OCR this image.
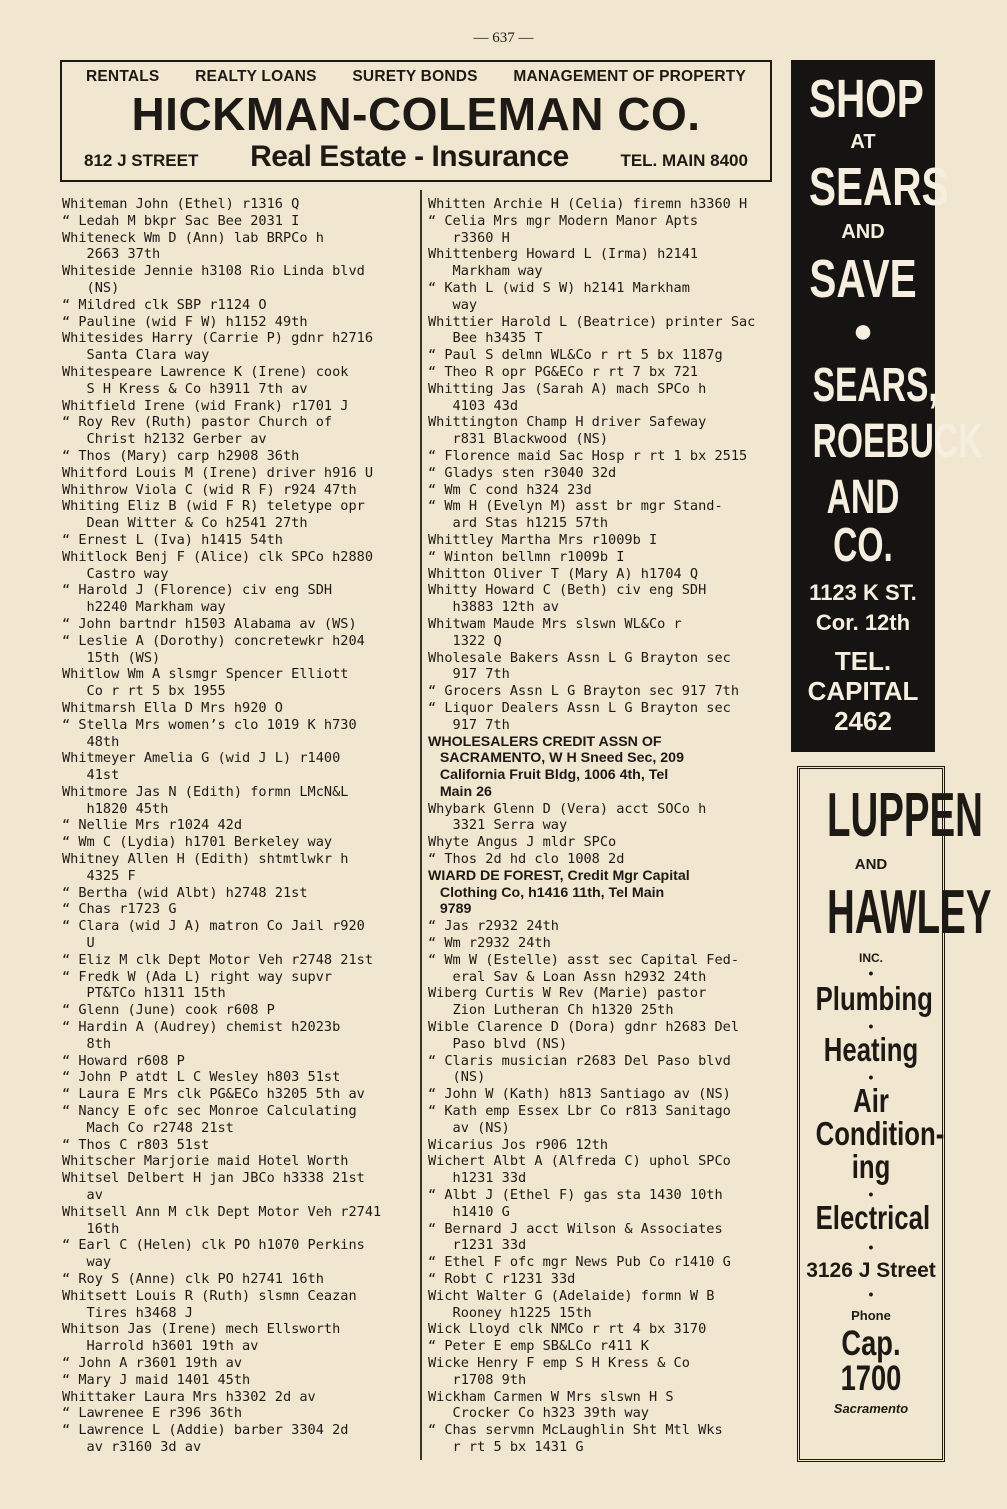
— 637 —
RENTALS REALTY LOANS SURETY BONDS MANAGEMENT OF PROPERTY
HICKMAN-COLEMAN CO.
812 J STREET Real Estate - Insurance	TEL. MAIN 8400
Whiteman John (Ethel) r1316 Q
“ Ledah M bkpr Sac Bee 2031 I
Whiteneck Wm D (Ann) lab BRPCo h
2663 37th
Whiteside Jennie h3108 Rio Linda blvd
(NS)
“ Mildred clk SBP r1124 O
“ Pauline (wid F W) h1152 49th
Whitesides Harry (Carrie P) gdnr h2716
Santa Clara way
Whitespeare Lawrence K (Irene) cook
S H Kress & Co h3911 7th av
Whitfield Irene (wid Frank) r1701 J
“ Roy Rev (Ruth) pastor Church of
Christ h2132 Gerber av
“ Thos (Mary) carp h2908 36th
Whitford Louis M (Irene) driver h916 U
Whithrow Viola C (wid R F) r924 47th
Whiting Eliz B (wid F R) teletype opr
Dean Witter & Co h2541 27th
“ Ernest L (Iva) h1415 54th
Whitlock Benj F (Alice) clk SPCo h2880
Castro way
“ Harold J (Florence) civ eng SDH
h2240 Markham way
“ John bartndr h1503 Alabama av (WS)
“ Leslie A (Dorothy) concretewkr h204
15th (WS)
Whitlow Wm A slsmgr Spencer Elliott
Co r rt 5 bx 1955
Whitmarsh Ella D Mrs h920 O
“ Stella Mrs women’s clo 1019 K h730
48th
Whitmeyer Amelia G (wid J L) r1400
41st
Whitmore Jas N (Edith) formn LMcN&L
h1820 45th
“ Nellie Mrs r1024 42d
“ Wm C (Lydia) h1701 Berkeley way
Whitney Allen H (Edith) shtmtlwkr h
4325 F
“ Bertha (wid Albt) h2748 21st
“ Chas r1723 G
“ Clara (wid J A) matron Co Jail r920
U
“ Eliz M clk Dept Motor Veh r2748 21st
“ Fredk W (Ada L) right way supvr
PT&TCo h1311 15th
“ Glenn (June) cook r608 P
“ Hardin A (Audrey) chemist h2023b
8th
“ Howard r608 P
“ John P atdt L C Wesley h803 51st
“ Laura E Mrs clk PG&ECo h3205 5th av
“ Nancy E ofc sec Monroe Calculating
Mach Co r2748 21st
“ Thos C r803 51st
Whitscher Marjorie maid Hotel Worth
Whitsel Delbert H jan JBCo h3338 21st
av
Whitsell Ann M clk Dept Motor Veh r2741
16th
“ Earl C (Helen) clk PO h1070 Perkins
way
“ Roy S (Anne) clk PO h2741 16th
Whitsett Louis R (Ruth) slsmn Ceazan
Tires h3468 J
Whitson Jas (Irene) mech Ellsworth
Harrold h3601 19th av
“ John A r3601 19th av
“ Mary J maid 1401 45th
Whittaker Laura Mrs h3302 2d av
“ Lawrenee E r396 36th
“ Lawrence L (Addie) barber 3304 2d
av r3160 3d av
Whitten Archie H (Celia) firemn h3360 H
“ Celia Mrs mgr Modern Manor Apts
r3360 H
Whittenberg Howard L (Irma) h2141
Markham way
“ Kath L (wid S W) h2141 Markham
way
Whittier Harold L (Beatrice) printer Sac
Bee h3435 T
“ Paul S delmn WL&Co r rt 5 bx 1187g
“ Theo R opr PG&ECo r rt 7 bx 721
Whitting Jas (Sarah A) mach SPCo h
4103 43d
Whittington Champ H driver Safeway
r831 Blackwood (NS)
“ Florence maid Sac Hosp r rt 1 bx 2515
“ Gladys sten r3040 32d
“ Wm C cond h324 23d
“ Wm H (Evelyn M) asst br mgr Stand-
ard Stas h1215 57th
Whittley Martha Mrs r1009b I
“ Winton bellmn r1009b I
Whitton Oliver T (Mary A) h1704 Q
Whitty Howard C (Beth) civ eng SDH
h3883 12th av
Whitwam Maude Mrs slswn WL&Co r
1322 Q
Wholesale Bakers Assn L G Brayton sec
917 7th
“ Grocers Assn L G Brayton sec 917 7th
“ Liquor Dealers Assn L G Brayton sec
917 7th
WHOLESALERS CREDIT ASSN OF
SACRAMENTO, W H Sneed Sec, 209
California Fruit Bldg, 1006 4th, Tel
Main 26
Whybark Glenn D (Vera) acct SOCo h
3321 Serra way
Whyte Angus J mldr SPCo
“ Thos 2d hd clo 1008 2d
WIARD DE FOREST, Credit Mgr Capital
Clothing Co, h1416 11th, Tel Main
9789
“ Jas r2932 24th
“ Wm r2932 24th
“ Wm W (Estelle) asst sec Capital Fed-
eral Sav & Loan Assn h2932 24th
Wiberg Curtis W Rev (Marie) pastor
Zion Lutheran Ch h1320 25th
Wible Clarence D (Dora) gdnr h2683 Del
Paso blvd (NS)
“ Claris musician r2683 Del Paso blvd
(NS)
“ John W (Kath) h813 Santiago av (NS)
“ Kath emp Essex Lbr Co r813 Sanitago
av (NS)
Wicarius Jos r906 12th
Wichert Albt A (Alfreda C) uphol SPCo
h1231 33d
“ Albt J (Ethel F) gas sta 1430 10th
h1410 G
“ Bernard J acct Wilson & Associates
r1231 33d
“ Ethel F ofc mgr News Pub Co r1410 G
“ Robt C r1231 33d
Wicht Walter G (Adelaide) formn W B
Rooney h1225 15th
Wick Lloyd clk NMCo r rt 4 bx 3170
“ Peter E emp SB&LCo r411 K
Wicke Henry F emp S H Kress & Co
r1708 9th
Wickham Carmen W Mrs slswn H S
Crocker Co h323 39th way
“ Chas servmn McLaughlin Sht Mtl Wks
r rt 5 bx 1431 G
SHOP
AT
SEARS
AND
SAVE
●
SEARS,
ROEBUCK
AND CO.
1123 K ST.
Cor. 12th
TEL.
CAPITAL
2462
LUPPEN
AND
HAWLEY
INC.
•
Plumbing
•
Heating
•
Air
Condition-
ing
•
Electrical
•
3126 J Street
•
Phone
Cap. 1700
Sacramento
